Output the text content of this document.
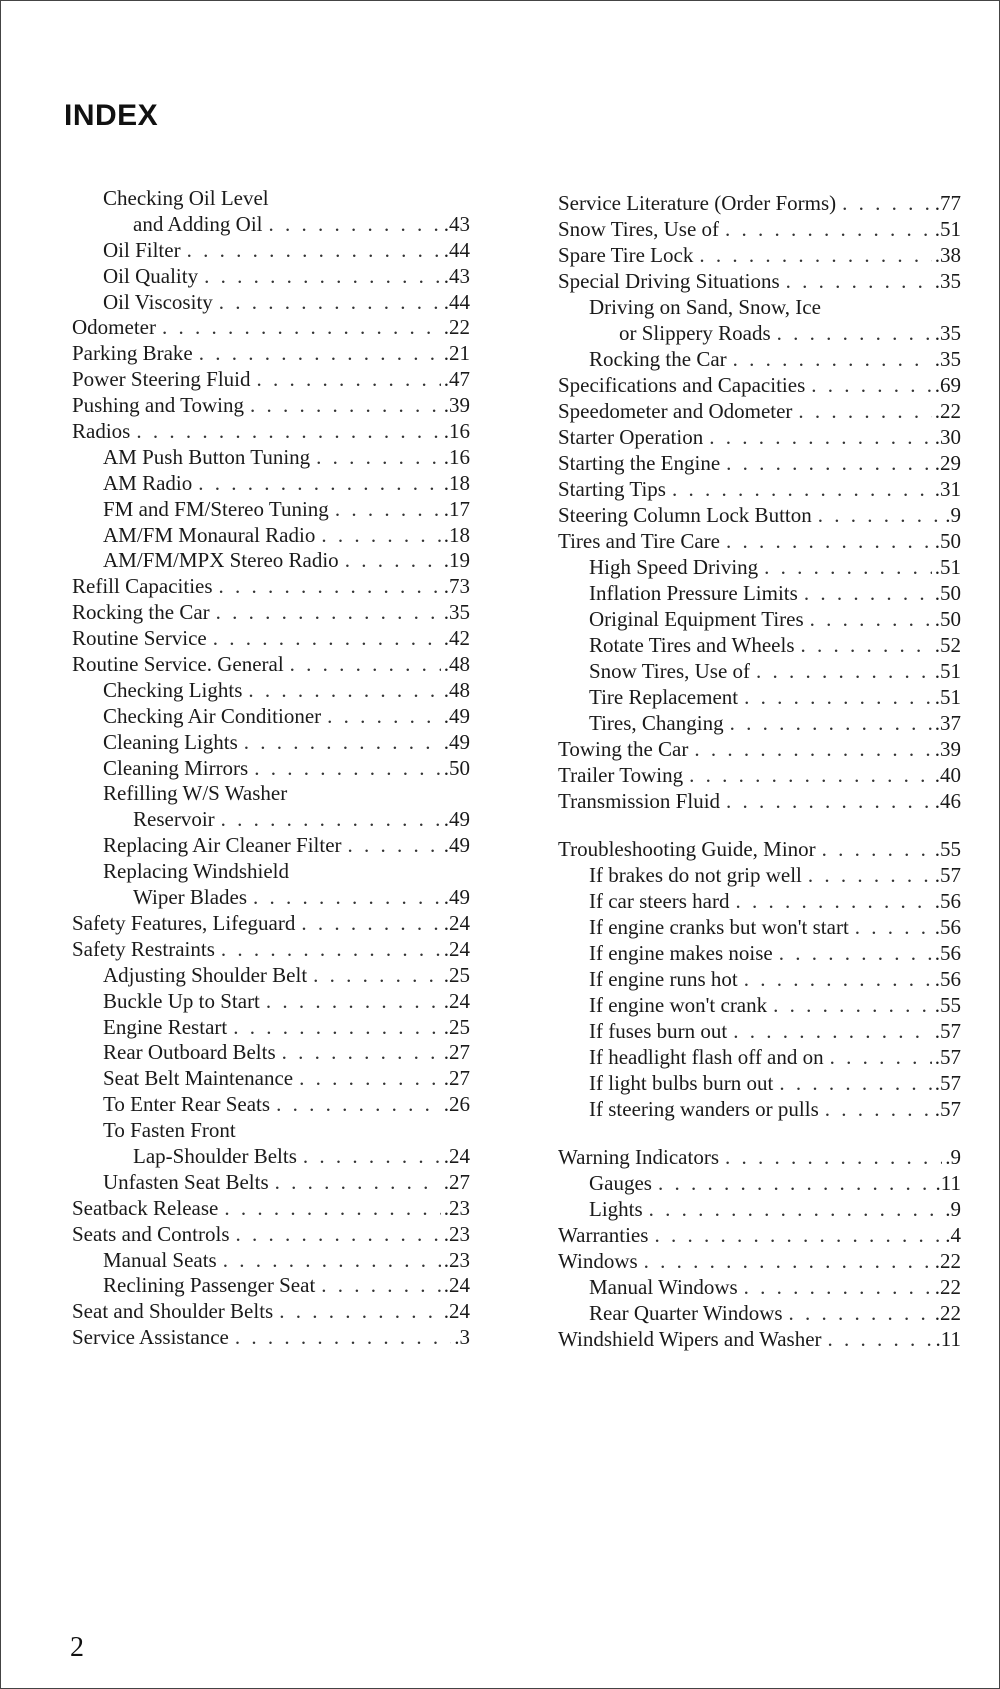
INDEX
Checking Oil Level
and Adding Oil . . .	.43
Oil Filter . . .	.44
Oil Quality . . .	.43
Oil Viscosity . . .	.44
Odometer . . .	.22
Parking Brake . . .	.21
Power Steering Fluid . . .	.47
Pushing and Towing . . .	.39
Radios . . .	.16
AM Push Button Tuning . . .	.16
AM Radio . . .	.18
FM and FM/Stereo Tuning . . .	.17
AM/FM Monaural Radio . . .	.18
AM/FM/MPX Stereo Radio . . .	.19
Refill Capacities . . .	.73
Rocking the Car . . .	.35
Routine Service . . .	.42
Routine Service. General . . .	.48
Checking Lights . . .	.48
Checking Air Conditioner . . .	.49
Cleaning Lights . . .	.49
Cleaning Mirrors . . .	.50
Refilling W/S Washer
Reservoir . . .	.49
Replacing Air Cleaner Filter . . .	.49
Replacing Windshield
Wiper Blades . . .	.49
Safety Features, Lifeguard . . .	.24
Safety Restraints . . .	.24
Adjusting Shoulder Belt . . .	.25
Buckle Up to Start . . .	.24
Engine Restart . . .	.25
Rear Outboard Belts . . .	.27
Seat Belt Maintenance . . .	.27
To Enter Rear Seats . . .	.26
To Fasten Front
Lap-Shoulder Belts . . .	.24
Unfasten Seat Belts . . .	.27
Seatback Release . . .	.23
Seats and Controls . . .	.23
Manual Seats . . .	.23
Reclining Passenger Seat . . .	.24
Seat and Shoulder Belts . . .	.24
Service Assistance . . .	.3
Service Literature (Order Forms) . . .	.77
Snow Tires, Use of . . .	.51
Spare Tire Lock . . .	.38
Special Driving Situations . . .	.35
Driving on Sand, Snow, Ice
or Slippery Roads . . .	.35
Rocking the Car . . .	.35
Specifications and Capacities . . .	.69
Speedometer and Odometer . . .	.22
Starter Operation . . .	.30
Starting the Engine . . .	.29
Starting Tips . . .	.31
Steering Column Lock Button . . .	.9
Tires and Tire Care . . .	.50
High Speed Driving . . .	.51
Inflation Pressure Limits . . .	.50
Original Equipment Tires . . .	.50
Rotate Tires and Wheels . . .	.52
Snow Tires, Use of . . .	.51
Tire Replacement . . .	.51
Tires, Changing . . .	.37
Towing the Car . . .	.39
Trailer Towing . . .	.40
Transmission Fluid . . .	.46
Troubleshooting Guide, Minor . . .	.55
If brakes do not grip well . . .	.57
If car steers hard . . .	.56
If engine cranks but won't start . . .	.56
If engine makes noise . . .	.56
If engine runs hot . . .	.56
If engine won't crank . . .	.55
If fuses burn out . . .	.57
If headlight flash off and on . . .	.57
If light bulbs burn out . . .	.57
If steering wanders or pulls . . .	.57
Warning Indicators . . .	.9
Gauges . . .	.11
Lights . . .	.9
Warranties . . .	.4
Windows . . .	.22
Manual Windows . . .	.22
Rear Quarter Windows . . .	.22
Windshield Wipers and Washer . . .	.11
2
